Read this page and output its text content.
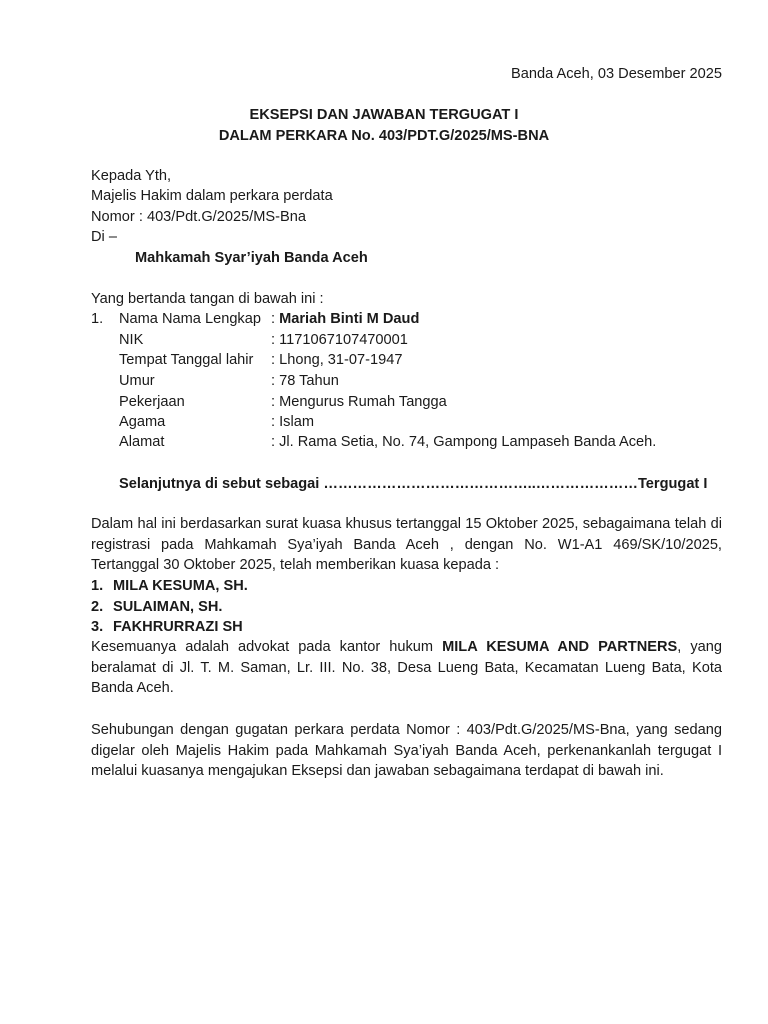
Banda Aceh, 03 Desember 2025
EKSEPSI DAN JAWABAN TERGUGAT I
DALAM PERKARA No. 403/PDT.G/2025/MS-BNA
Kepada Yth,
Majelis Hakim dalam perkara perdata
Nomor : 403/Pdt.G/2025/MS-Bna
Di –
Mahkamah Syar’iyah Banda Aceh
Yang bertanda tangan di bawah ini :
1. Nama Nama Lengkap : Mariah Binti M Daud
NIK	: 1171067107470001
Tempat Tanggal lahir : Lhong, 31-07-1947
Umur	: 78 Tahun
Pekerjaan	: Mengurus Rumah Tangga
Agama	: Islam
Alamat	: Jl. Rama Setia, No. 74, Gampong Lampaseh Banda Aceh.
Selanjutnya di sebut sebagai ……………………………………..…………………Tergugat I

Dalam hal ini berdasarkan surat kuasa khusus tertanggal 15 Oktober 2025, sebagaimana telah di registrasi pada Mahkamah Sya’iyah Banda Aceh , dengan No. W1-A1 469/SK/10/2025, Tertanggal 30 Oktober 2025, telah memberikan kuasa kepada :

1. MILA KESUMA, SH.
2. SULAIMAN, SH.
3. FAKHRURRAZI SH

Kesemuanya adalah advokat pada kantor hukum MILA KESUMA AND PARTNERS, yang beralamat di Jl. T. M. Saman, Lr. III. No. 38, Desa Lueng Bata, Kecamatan Lueng Bata, Kota Banda Aceh.

Sehubungan dengan gugatan perkara perdata Nomor : 403/Pdt.G/2025/MS-Bna, yang sedang digelar oleh Majelis Hakim pada Mahkamah Sya’iyah Banda Aceh, perkenankanlah tergugat I melalui kuasanya mengajukan Eksepsi dan jawaban sebagaimana terdapat di bawah ini.
